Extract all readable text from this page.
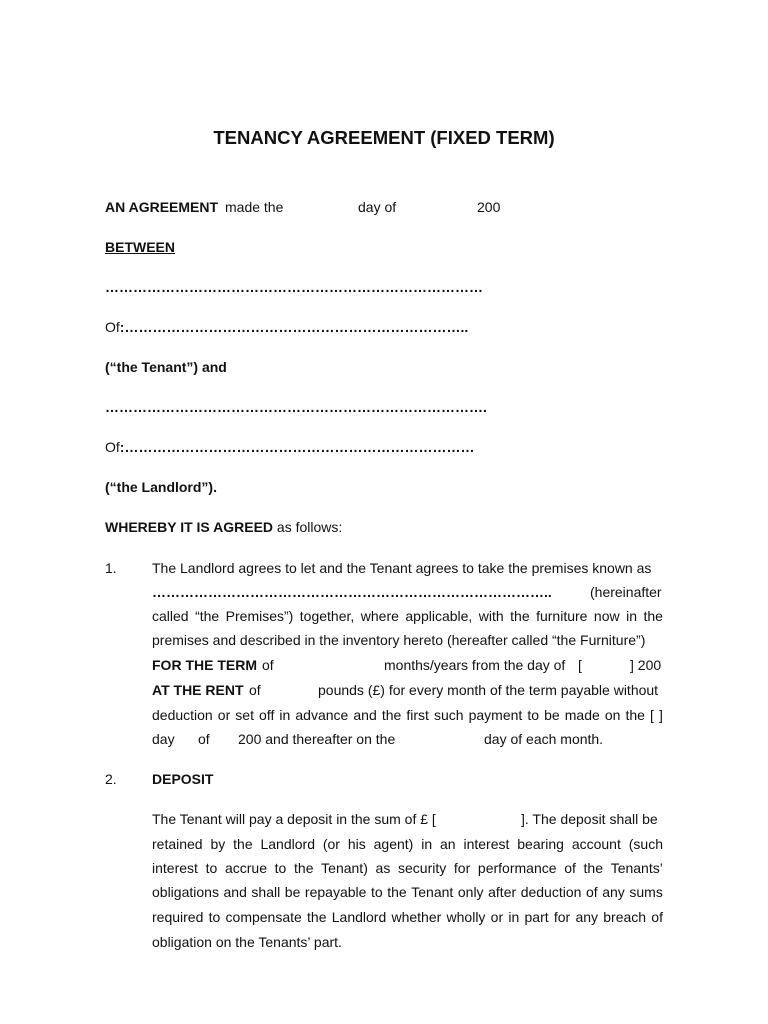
TENANCY AGREEMENT (FIXED TERM)
AN AGREEMENT made the	day of	200
BETWEEN
………………………………………………………………………
Of:………………………………………………………………..
(“the Tenant”) and
……………………………………………………………………….
Of:…………………………………………………………………
(“the Landlord”).
WHEREBY IT IS AGREED as follows:
1.	The Landlord agrees to let and the Tenant agrees to take the premises known as
…………………………………………………………………………..	(hereinafter
called “the Premises”) together, where applicable, with the furniture now in the
premises and described in the inventory hereto (hereafter called “the Furniture”)
FOR THE TERM of	months/years from the day of [	] 200
AT THE RENT of	pounds (£) for every month of the term payable without
deduction or set off in advance and the first such payment to be made on the [ ]
day of 200 and thereafter on the	day of each month.
2.	DEPOSIT
The Tenant will pay a deposit in the sum of £ [	]. The deposit shall be
retained by the Landlord (or his agent) in an interest bearing account (such
interest to accrue to the Tenant) as security for performance of the Tenants’
obligations and shall be repayable to the Tenant only after deduction of any sums
required to compensate the Landlord whether wholly or in part for any breach of
obligation on the Tenants’ part.
